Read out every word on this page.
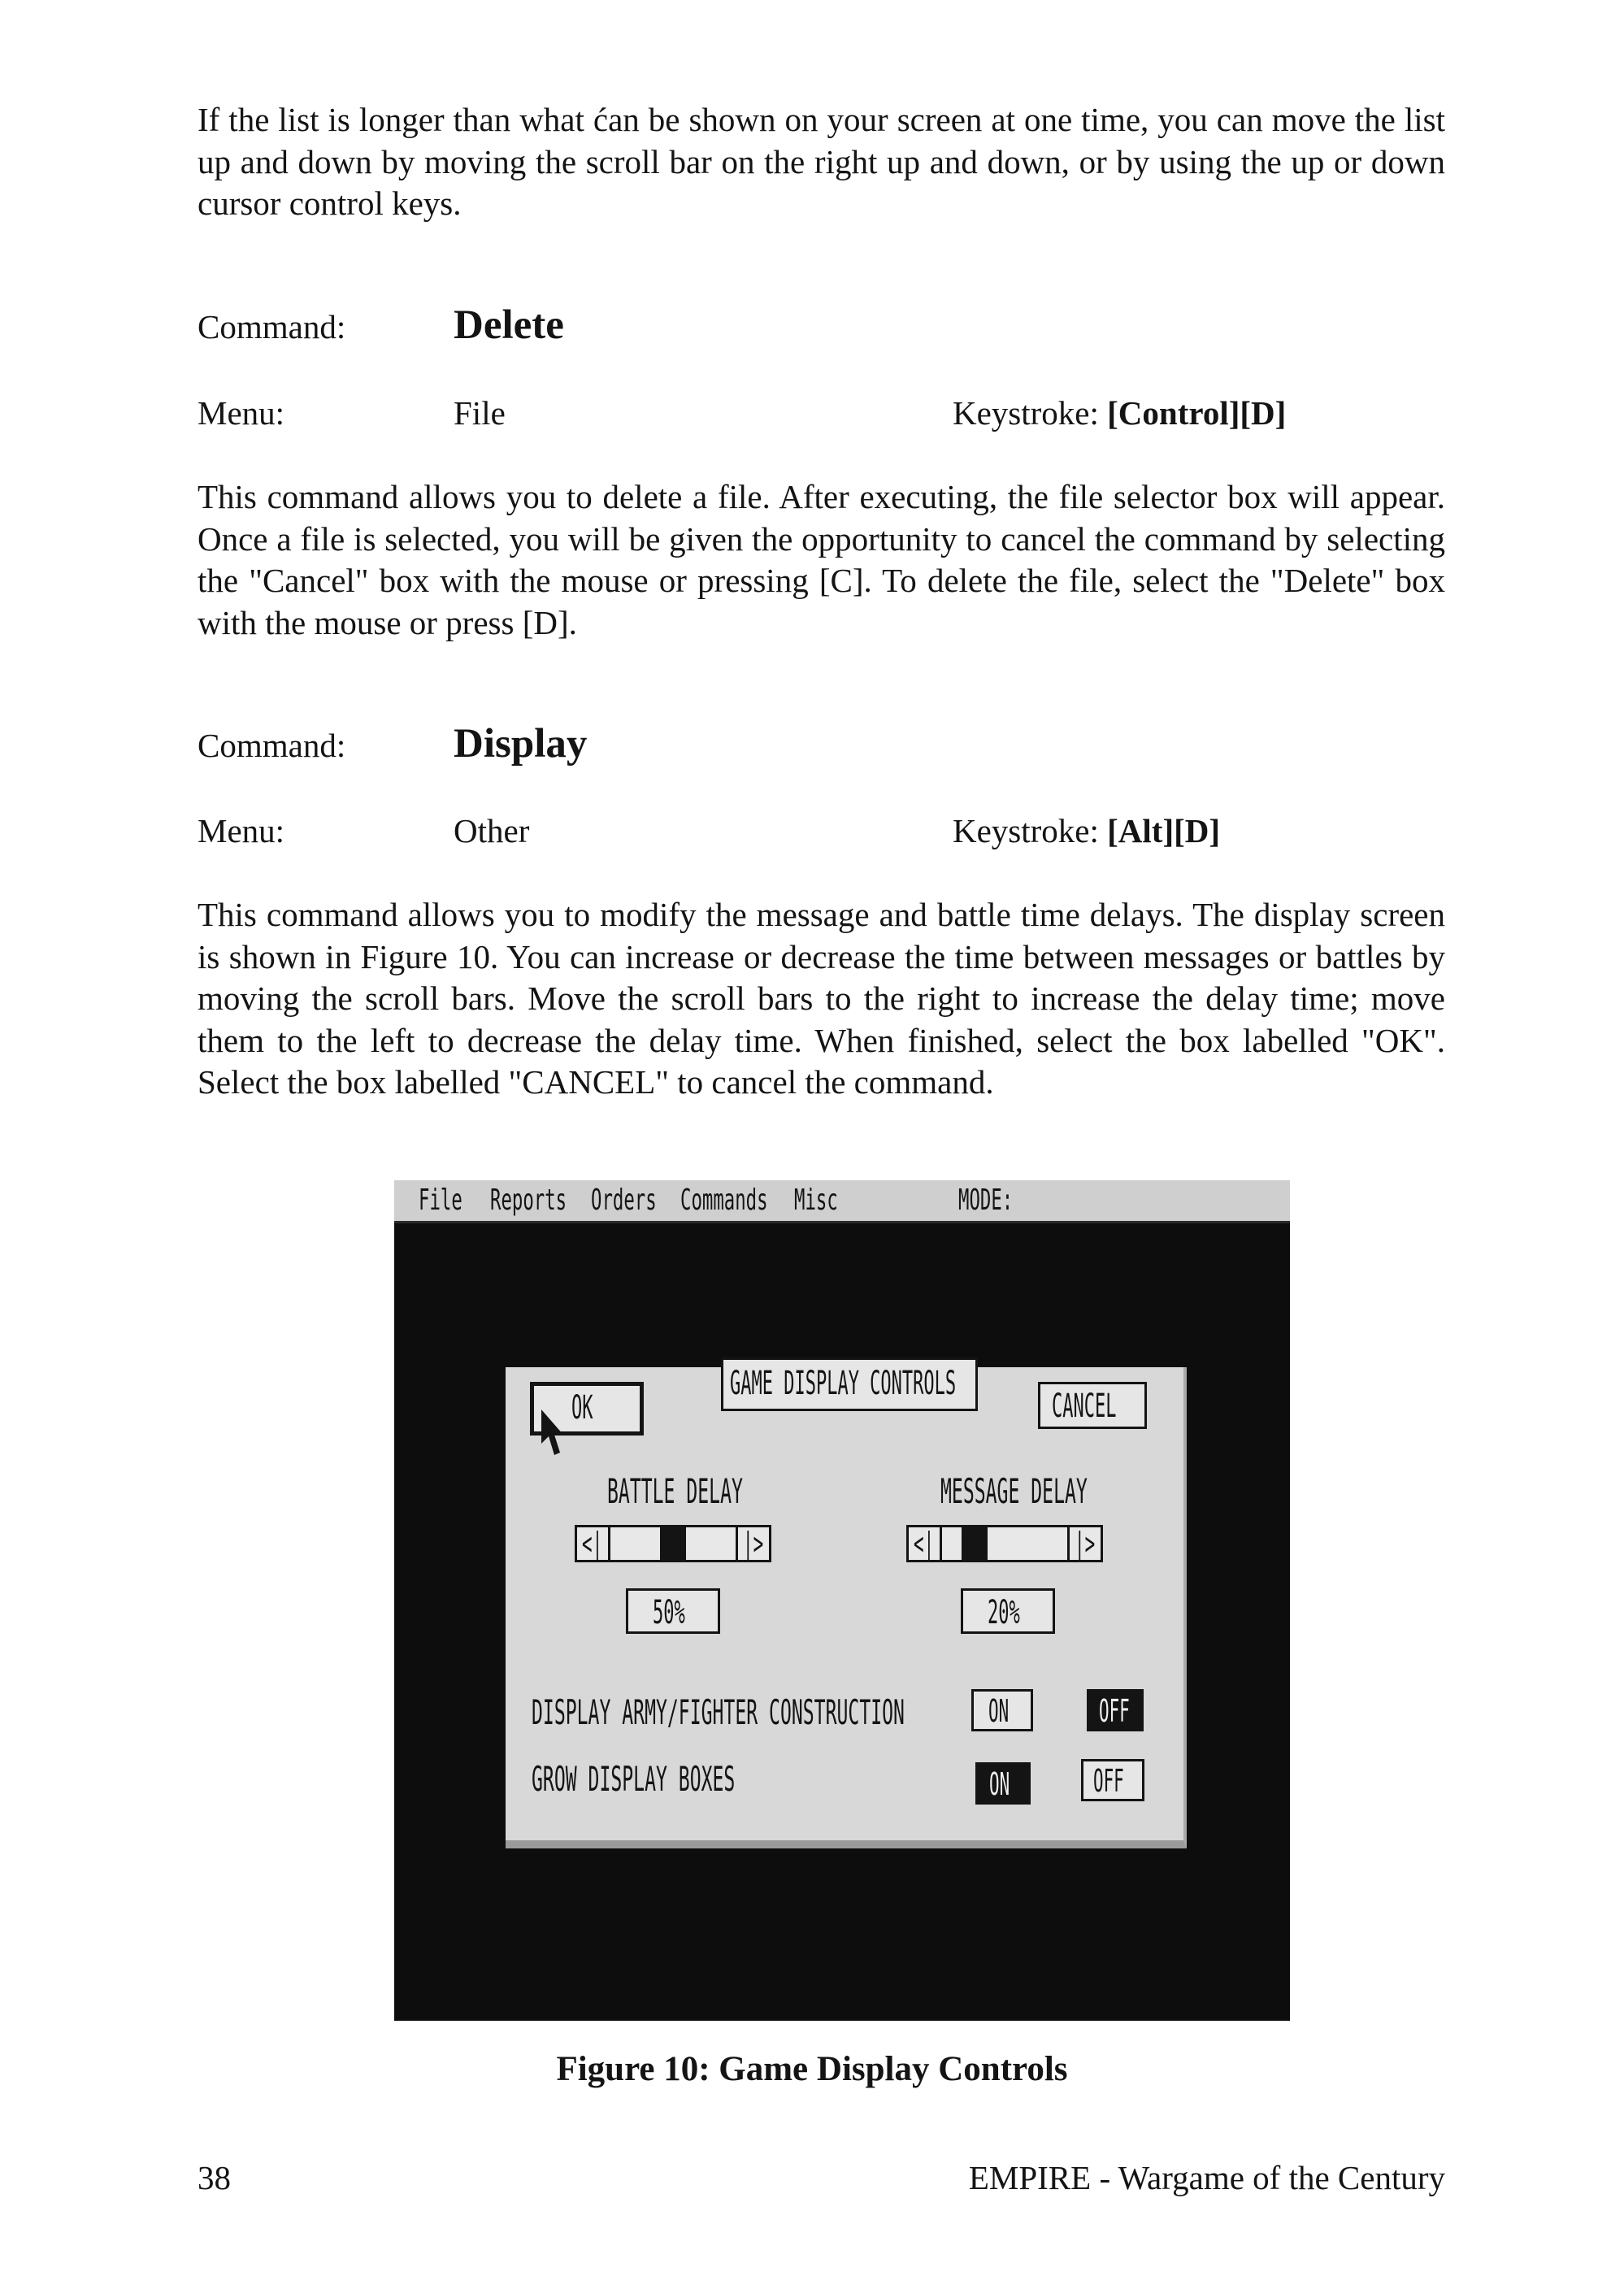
If the list is longer than what ćan be shown on your screen at one time, you can move the list up and down by moving the scroll bar on the right up and down, or by using the up or down cursor control keys.

Command:	Delete
Menu:	File	Keystroke: [Control][D]

This command allows you to delete a file. After executing, the file selector box will appear. Once a file is selected, you will be given the opportunity to cancel the command by selecting the "Cancel" box with the mouse or pressing [C]. To delete the file, select the "Delete" box with the mouse or press [D].

Command:	Display
Menu:	Other	Keystroke: [Alt][D]

This command allows you to modify the message and battle time delays. The display screen is shown in Figure 10. You can increase or decrease the time between messages or battles by moving the scroll bars. Move the scroll bars to the right to increase the delay time; move them to the left to decrease the delay time. When finished, select the box labelled "OK". Select the box labelled "CANCEL" to cancel the command.

File Reports Orders Commands Misc	MODE:
GAME DISPLAY CONTROLS
OK	CANCEL
BATTLE DELAY
<|	|>
50%
MESSAGE DELAY
<|	|>
20%
DISPLAY ARMY/FIGHTER CONSTRUCTION	ON	OFF
GROW DISPLAY BOXES	ON	OFF
Figure 10: Game Display Controls
38	EMPIRE - Wargame of the Century
